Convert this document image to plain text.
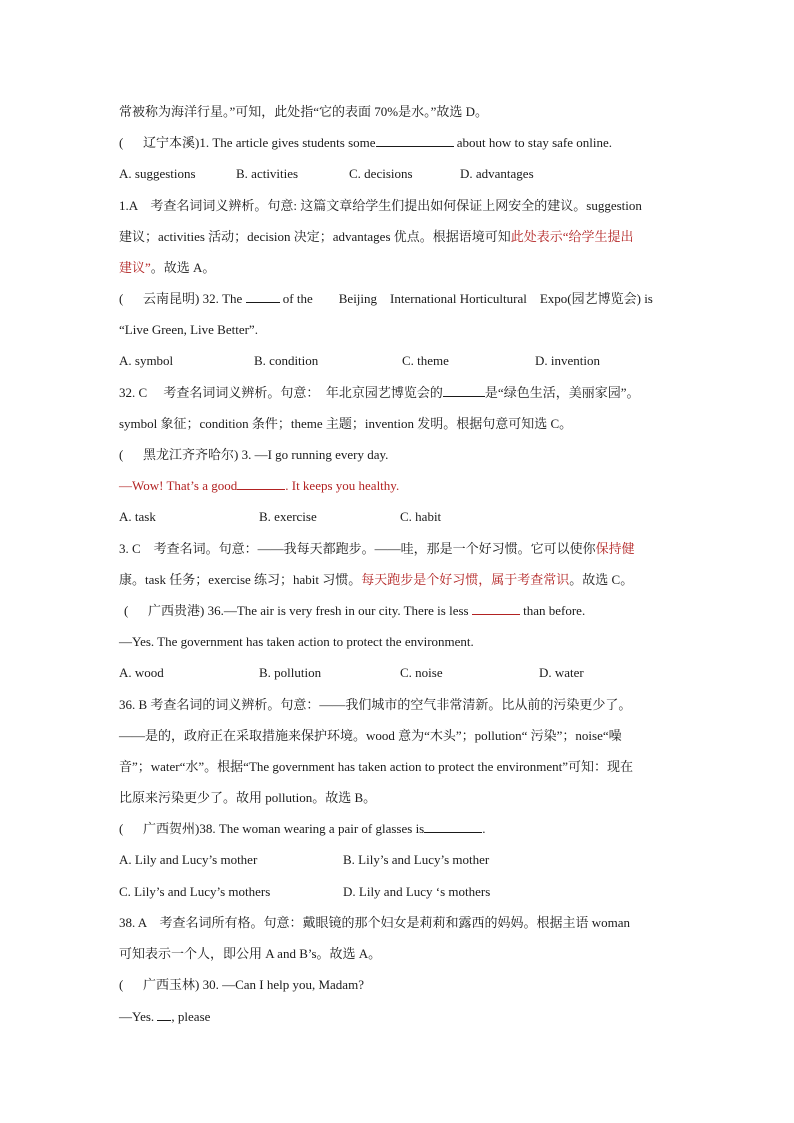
常被称为海洋行星。”可知，此处指“它的表面 70%是水。”故选 D。
( 辽宁本溪)1. The article gives students some	about how to stay safe online.
A. suggestions	B. activities	C. decisions	D. advantages
1.A　考查名词词义辨析。句意: 这篇文章给学生们提出如何保证上网安全的建议。suggestion
建议；activities 活动；decision 决定；advantages 优点。根据语境可知此处表示“给学生提出
建议”。故选 A。
( 云南昆明) 32. The	of the　　Beijing　International Horticultural　Expo(园艺博览会) is
“Live Green, Live Better”.
A. symbol	B. condition	C. theme	D. invention
32. C　 考查名词词义辨析。句意：　年北京园艺博览会的	是“绿色生活，美丽家园”。
symbol 象征；condition 条件；theme 主题；invention 发明。根据句意可知选 C。
( 黑龙江齐齐哈尔) 3. —I go running every day.
—Wow! That’s a good	. It keeps you healthy.
A. task	B. exercise	C. habit
3. C　考查名词。句意：——我每天都跑步。——哇，那是一个好习惯。它可以使你保持健
康。task 任务；exercise 练习；habit 习惯。每天跑步是个好习惯，属于考查常识。故选 C。
( 广西贵港) 36.—The air is very fresh in our city. There is less	than before.
—Yes. The government has taken action to protect the environment.
A. wood	B. pollution	C. noise	D. water
36. B 考查名词的词义辨析。句意：——我们城市的空气非常清新。比从前的污染更少了。
——是的，政府正在采取措施来保护环境。wood 意为“木头”；pollution“ 污染”；noise“噪
音”；water“水”。根据“The government has taken action to protect the environment”可知：现在
比原来污染更少了。故用 pollution。故选 B。
( 广西贺州)38. The woman wearing a pair of glasses is	.
A. Lily and Lucy’s mother	B. Lily’s and Lucy’s mother
C. Lily’s and Lucy’s mothers	D. Lily and Lucy ‘s mothers
38. A　考查名词所有格。句意：戴眼镜的那个妇女是莉莉和露西的妈妈。根据主语 woman
可知表示一个人，即公用 A and B’s。故选 A。
( 广西玉林) 30. —Can I help you, Madam?
—Yes. , please
